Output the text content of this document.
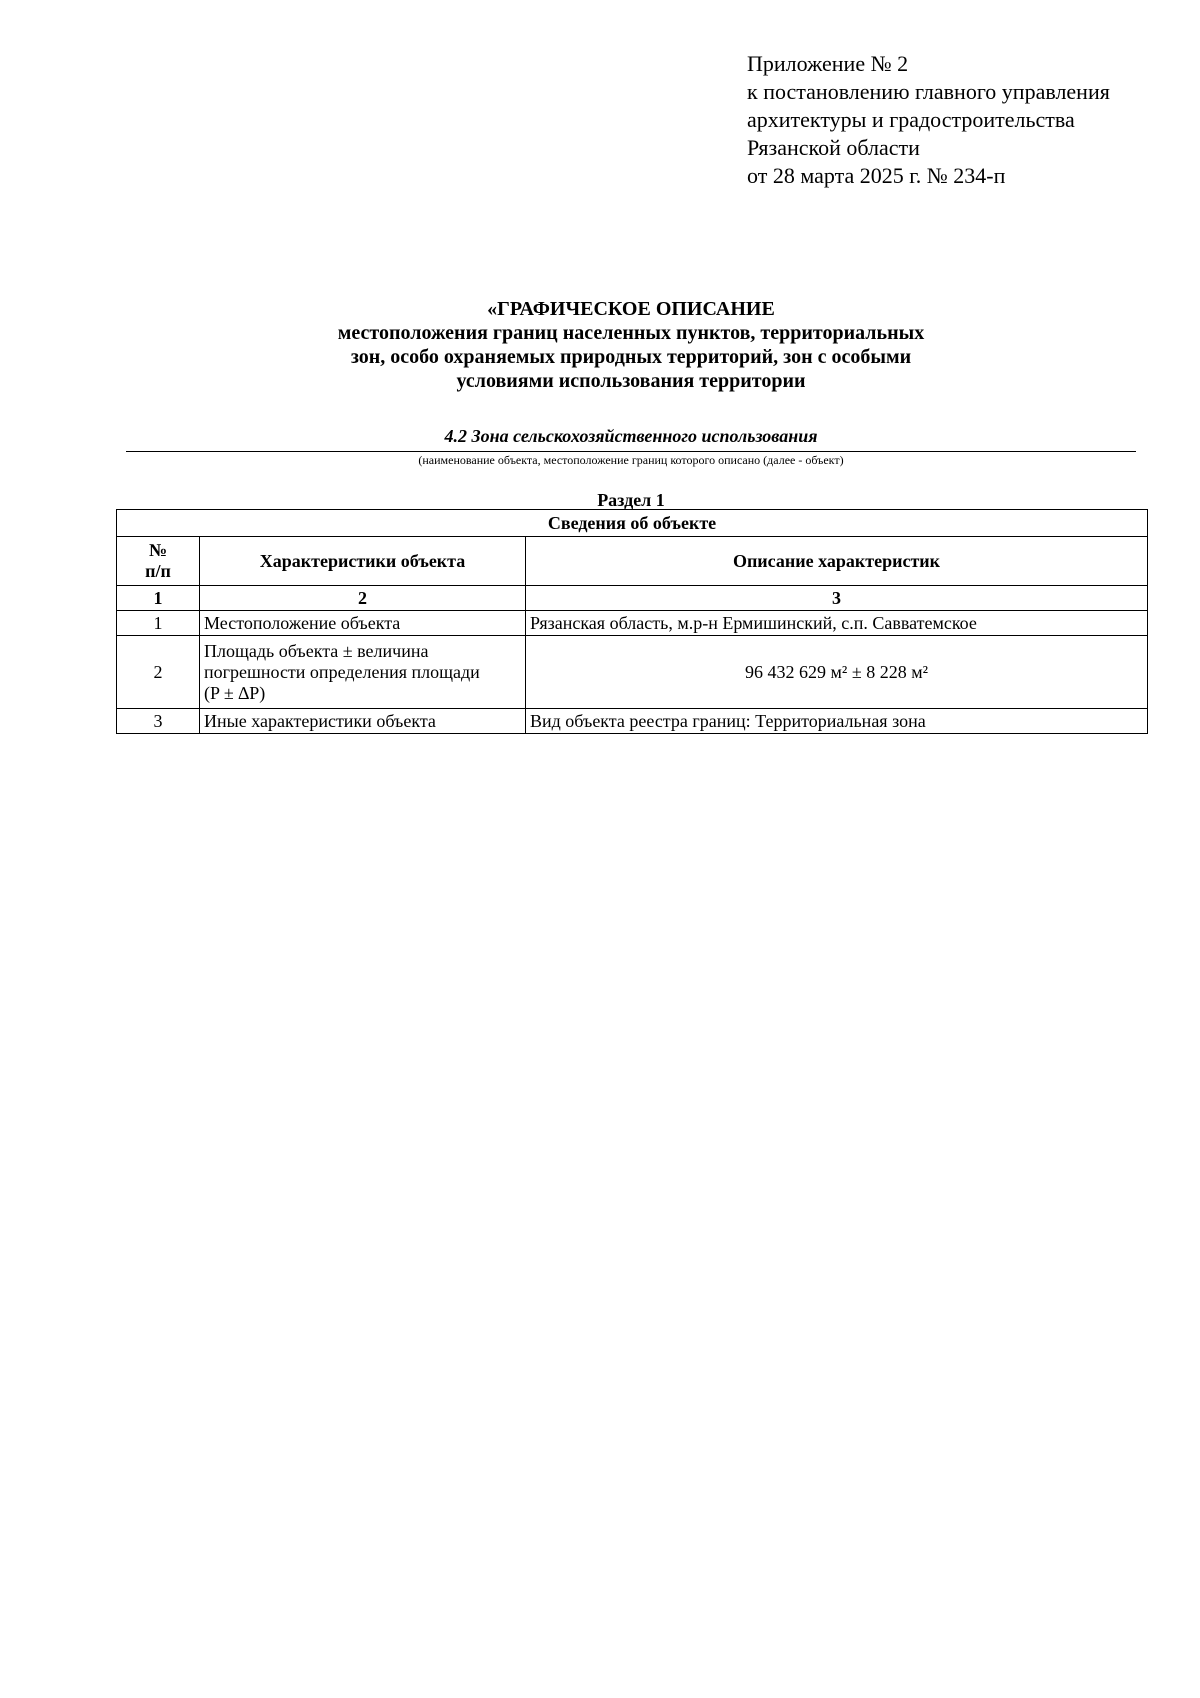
Приложение № 2
к постановлению главного управления
архитектуры и градостроительства
Рязанской области
от 28 марта 2025 г. № 234-п
«ГРАФИЧЕСКОЕ ОПИСАНИЕ
местоположения границ населенных пунктов, территориальных
зон, особо охраняемых природных территорий, зон с особыми
условиями использования территории
4.2 Зона сельскохозяйственного использования
(наименование объекта, местоположение границ которого описано (далее - объект)
Раздел 1
Сведения об объекте		

№
п/п	Характеристики объекта	Описание характеристик
1	2	3
1	Местоположение объекта	Рязанская область, м.р-н Ермишинский, с.п. Савватемское
2	Площадь объекта ± величина
погрешности определения площади
(P ± ∆P)	96 432 629 м² ± 8 228 м²
3	Иные характеристики объекта	Вид объекта реестра границ: Территориальная зона
